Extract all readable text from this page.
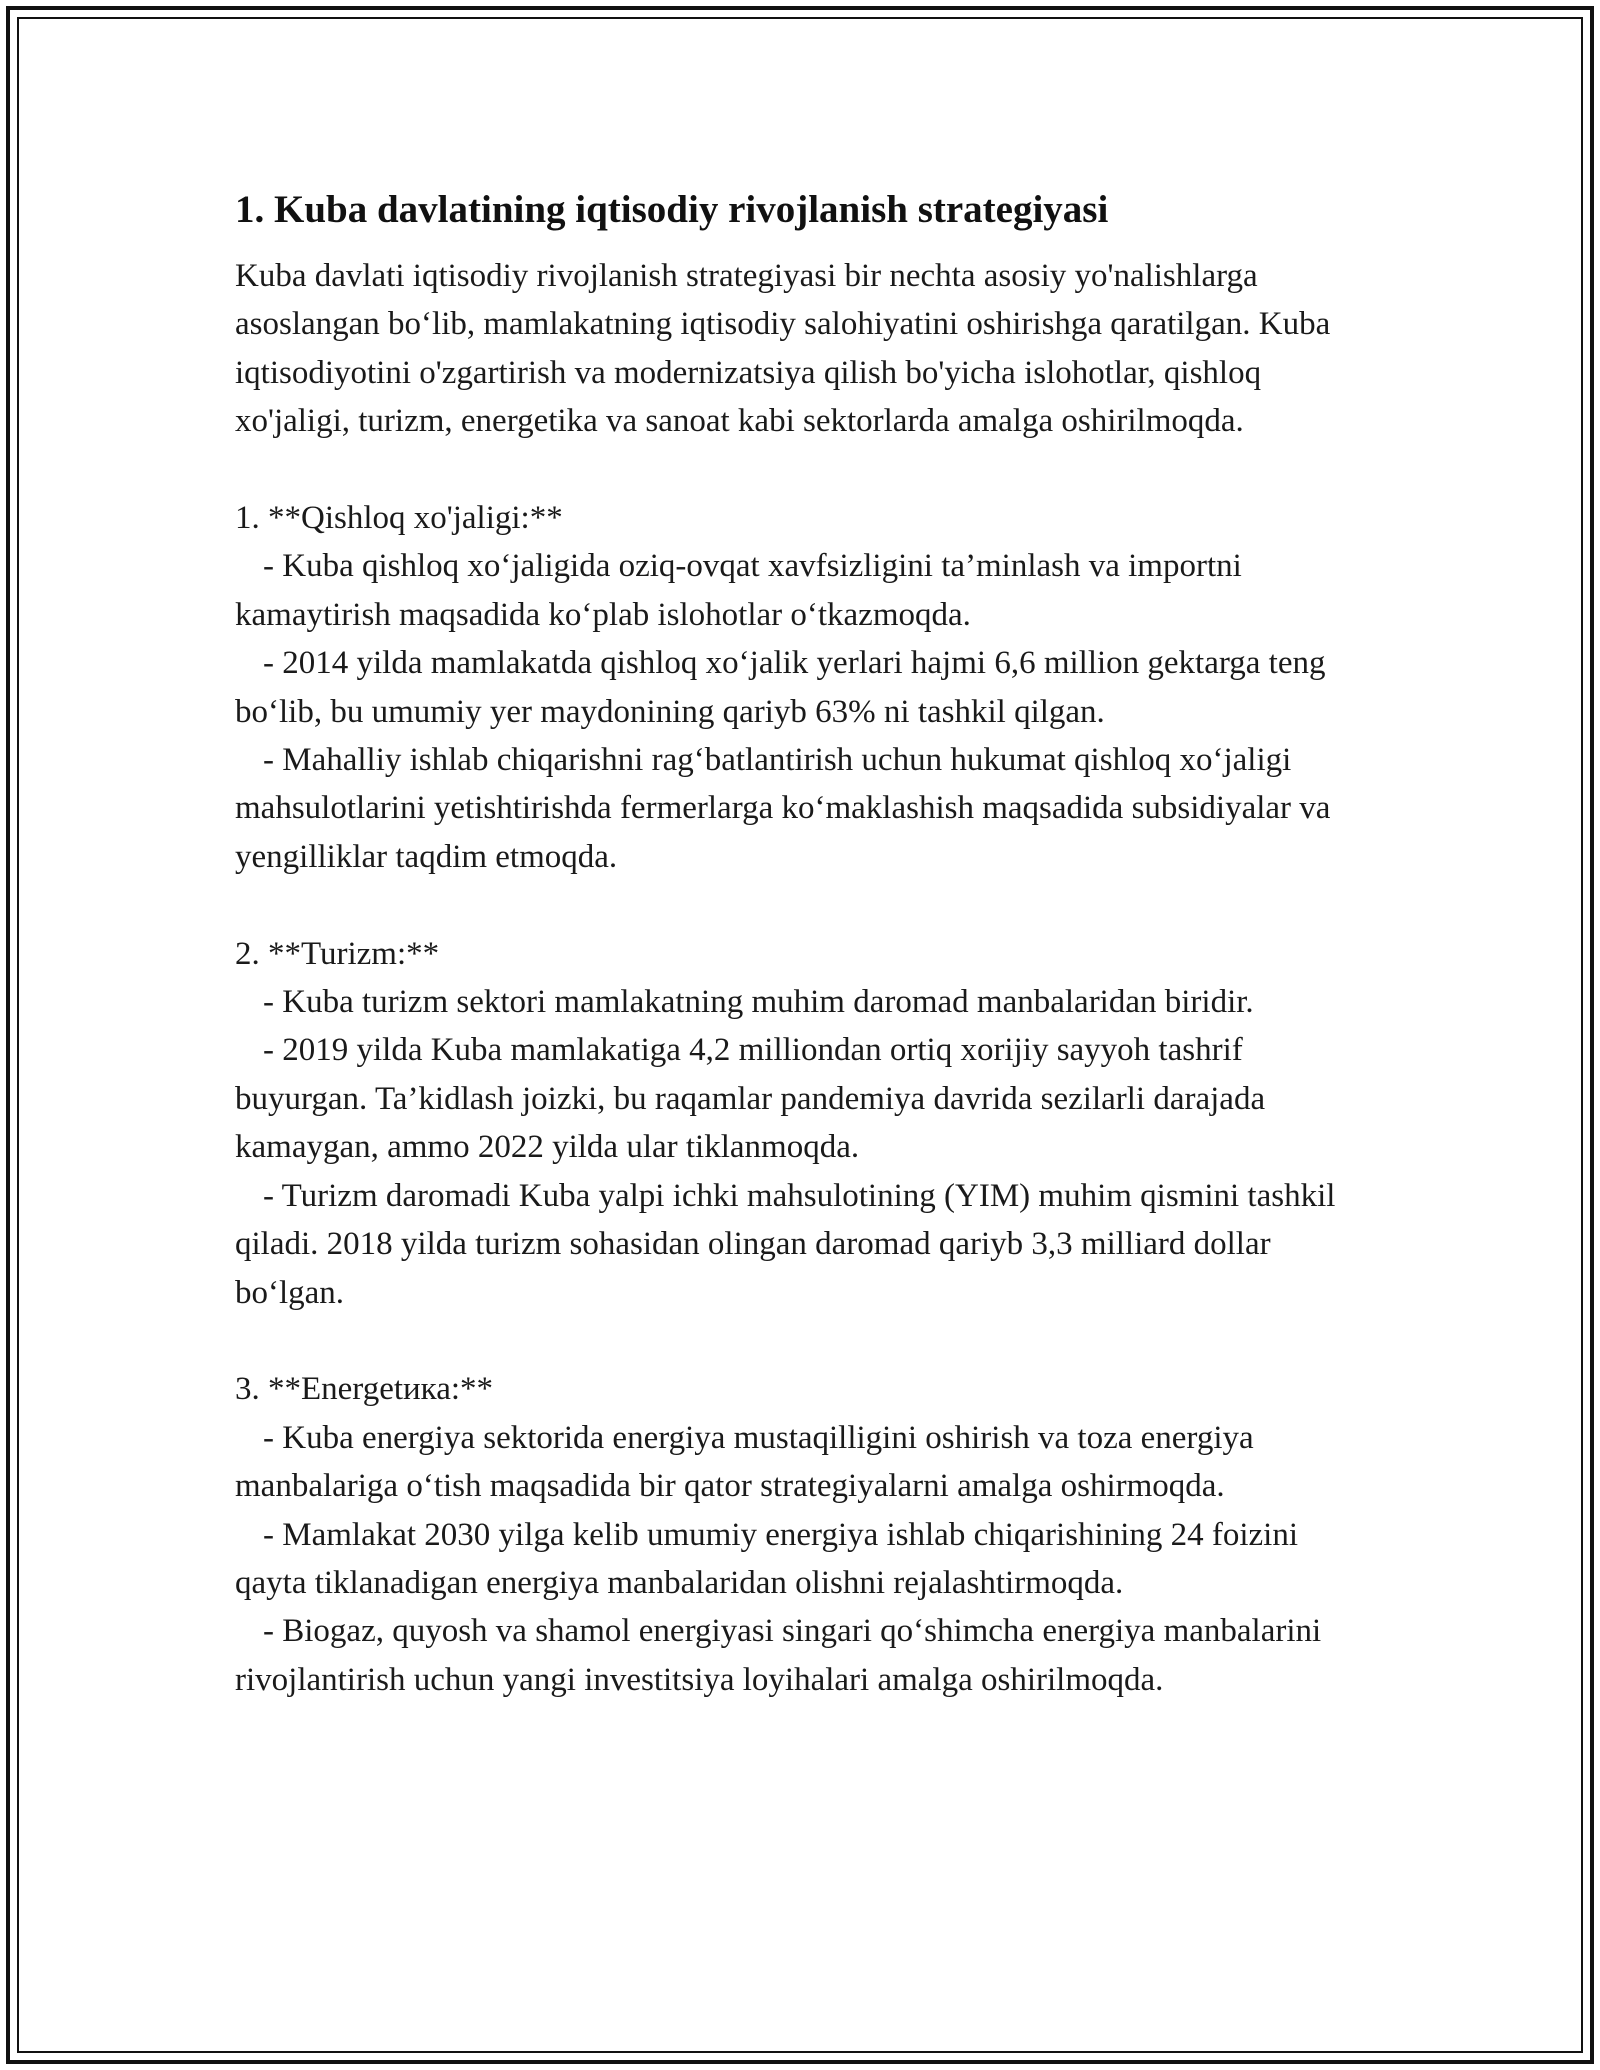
1. Kuba davlatining iqtisodiy rivojlanish strategiyasi

Kuba davlati iqtisodiy rivojlanish strategiyasi bir nechta asosiy yo'nalishlarga asoslangan bo‘lib, mamlakatning iqtisodiy salohiyatini oshirishga qaratilgan. Kuba iqtisodiyotini o'zgartirish va modernizatsiya qilish bo'yicha islohotlar, qishloq xo'jaligi, turizm, energetika va sanoat kabi sektorlarda amalga oshirilmoqda.

1. **Qishloq xo'jaligi:**

- Kuba qishloq xo‘jaligida oziq-ovqat xavfsizligini ta’minlash va importni kamaytirish maqsadida ko‘plab islohotlar o‘tkazmoqda.

- 2014 yilda mamlakatda qishloq xo‘jalik yerlari hajmi 6,6 million gektarga teng bo‘lib, bu umumiy yer maydonining qariyb 63% ni tashkil qilgan.

- Mahalliy ishlab chiqarishni rag‘batlantirish uchun hukumat qishloq xo‘jaligi mahsulotlarini yetishtirishda fermerlarga ko‘maklashish maqsadida subsidiyalar va yengilliklar taqdim etmoqda.

2. **Turizm:**

- Kuba turizm sektori mamlakatning muhim daromad manbalaridan biridir.

- 2019 yilda Kuba mamlakatiga 4,2 milliondan ortiq xorijiy sayyoh tashrif buyurgan. Ta’kidlash joizki, bu raqamlar pandemiya davrida sezilarli darajada kamaygan, ammo 2022 yilda ular tiklanmoqda.

- Turizm daromadi Kuba yalpi ichki mahsulotining (YIM) muhim qismini tashkil qiladi. 2018 yilda turizm sohasidan olingan daromad qariyb 3,3 milliard dollar bo‘lgan.

3. **Energetика:**

- Kuba energiya sektorida energiya mustaqilligini oshirish va toza energiya manbalariga o‘tish maqsadida bir qator strategiyalarni amalga oshirmoqda.

- Mamlakat 2030 yilga kelib umumiy energiya ishlab chiqarishining 24 foizini qayta tiklanadigan energiya manbalaridan olishni rejalashtirmoqda.

- Biogaz, quyosh va shamol energiyasi singari qo‘shimcha energiya manbalarini rivojlantirish uchun yangi investitsiya loyihalari amalga oshirilmoqda.
